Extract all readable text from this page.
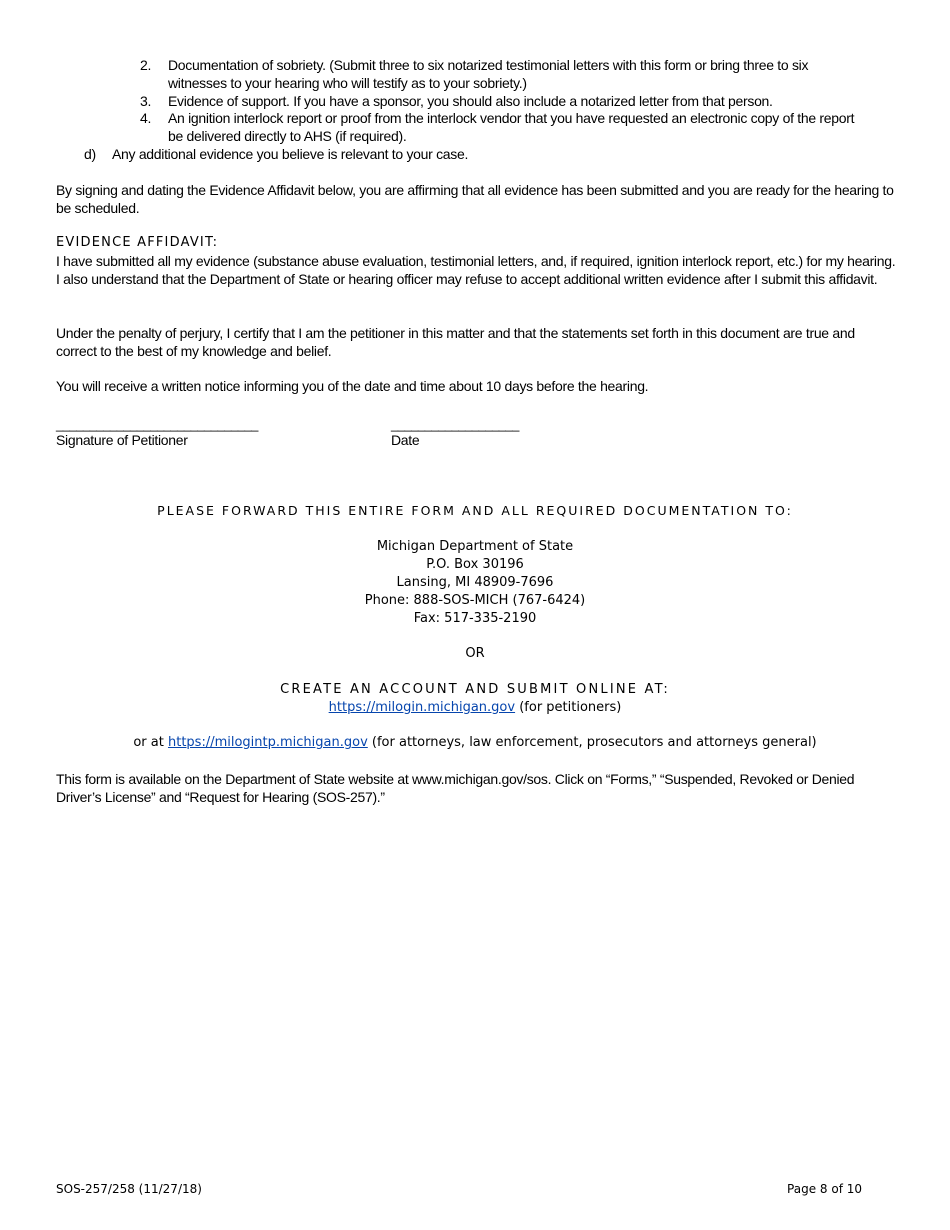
2.	Documentation of sobriety. (Submit three to six notarized testimonial letters with this form or bring three to six witnesses to your hearing who will testify as to your sobriety.)
3.	Evidence of support. If you have a sponsor, you should also include a notarized letter from that person.
4.	An ignition interlock report or proof from the interlock vendor that you have requested an electronic copy of the report be delivered directly to AHS (if required).
d)	Any additional evidence you believe is relevant to your case.
By signing and dating the Evidence Affidavit below, you are affirming that all evidence has been submitted and you are ready for the hearing to be scheduled.
EVIDENCE AFFIDAVIT:
I have submitted all my evidence (substance abuse evaluation, testimonial letters, and, if required, ignition interlock report, etc.) for my hearing. I also understand that the Department of State or hearing officer may refuse to accept additional written evidence after I submit this affidavit.
Under the penalty of perjury, I certify that I am the petitioner in this matter and that the statements set forth in this document are true and correct to the best of my knowledge and belief.
You will receive a written notice informing you of the date and time about 10 days before the hearing.
______________________________
Signature of Petitioner
___________________
Date
PLEASE FORWARD THIS ENTIRE FORM AND ALL REQUIRED DOCUMENTATION TO:
Michigan Department of State
P.O. Box 30196
Lansing, MI 48909-7696
Phone: 888-SOS-MICH (767-6424)
Fax: 517-335-2190
OR
CREATE AN ACCOUNT AND SUBMIT ONLINE AT:
https://milogin.michigan.gov (for petitioners)
or at https://milogintp.michigan.gov (for attorneys, law enforcement, prosecutors and attorneys general)
This form is available on the Department of State website at www.michigan.gov/sos. Click on “Forms,” “Suspended, Revoked or Denied Driver’s License” and “Request for Hearing (SOS-257).”
SOS-257/258 (11/27/18)	Page 8 of 10
